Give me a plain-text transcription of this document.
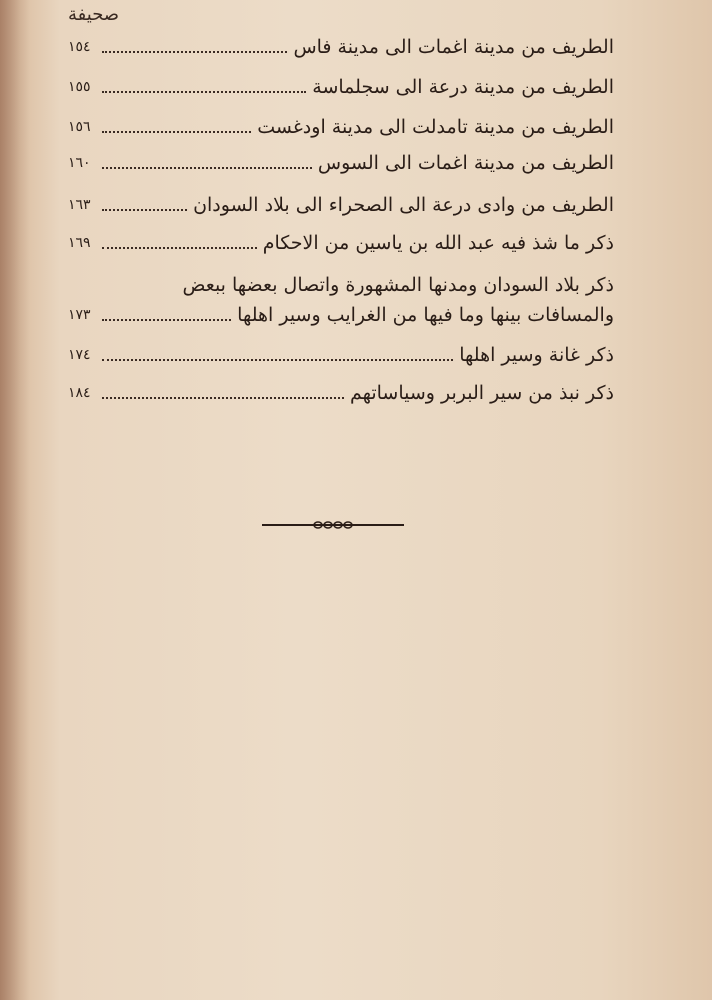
صحيفة
الطريف من مدينة اغمات الى مدينة فاس
١٥٤
الطريف من مدينة درعة الى سجلماسة
١٥٥
الطريف من مدينة تامدلت الى مدينة اودغست
١٥٦
الطريف من مدينة اغمات الى السوس
١٦٠
الطريف من وادى درعة الى الصحراء الى بلاد السودان
١٦٣
ذكر ما شذ فيه عبد الله بن ياسين من الاحكام
١٦٩
ذكر بلاد السودان ومدنها المشهورة واتصال بعضها ببعض
والمسافات بينها وما فيها من الغرايب وسير اهلها
١٧٣
ذكر غانة وسير اهلها
١٧٤
ذكر نبذ من سير البربر وسياساتهم
١٨٤
